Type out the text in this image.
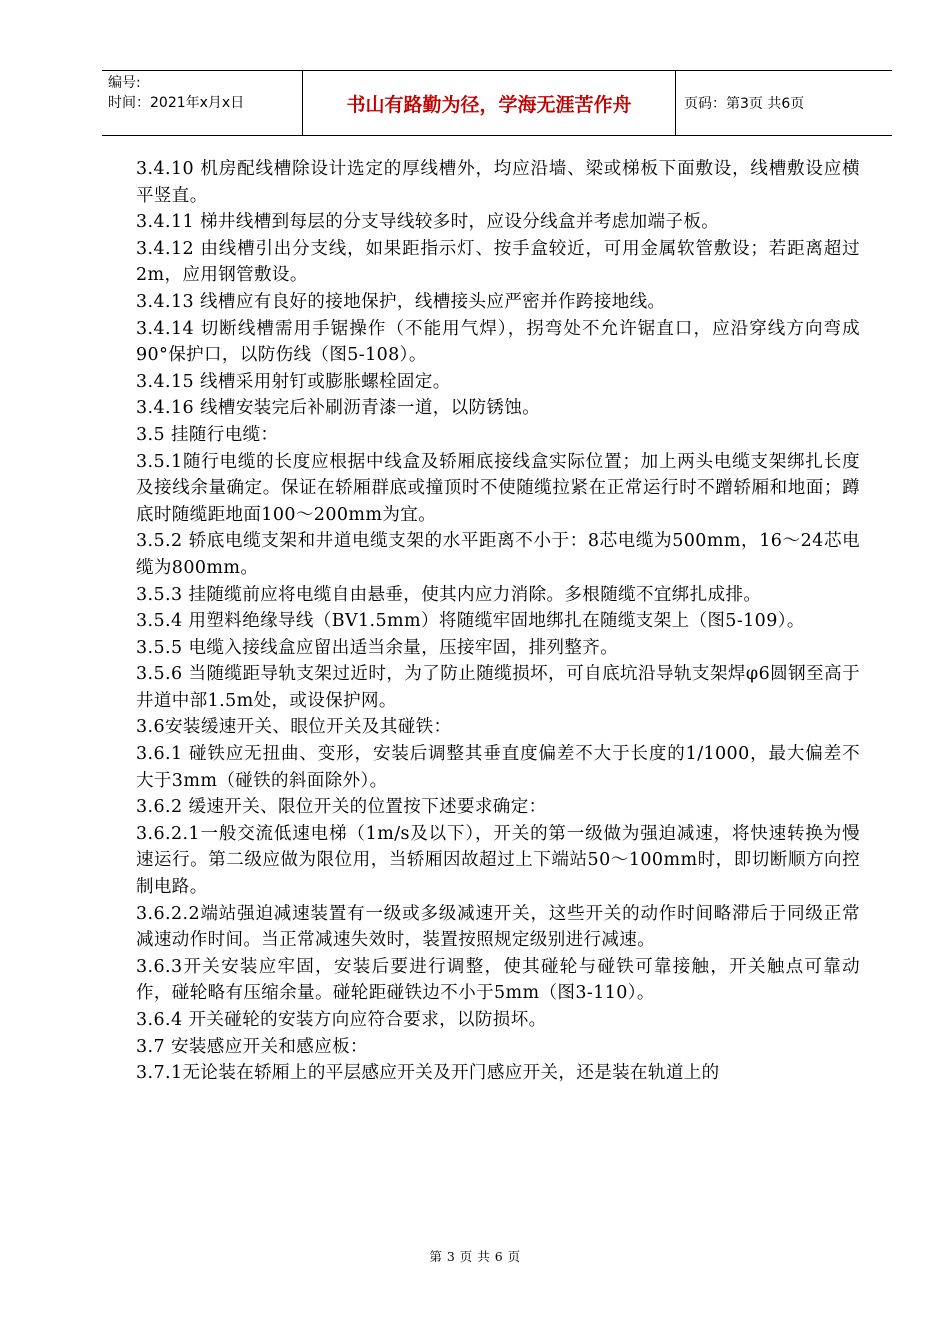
编号:
时间：2021年x月x日	书山有路勤为径，学海无涯苦作舟	页码：第3页 共6页

3.4.10 机房配线槽除设计选定的厚线槽外，均应沿墙、梁或梯板下面敷设，线槽敷设应横平竖直。

3.4.11 梯井线槽到每层的分支导线较多时，应设分线盒并考虑加端子板。

3.4.12 由线槽引出分支线，如果距指示灯、按手盒较近，可用金属软管敷设；若距离超过2m，应用钢管敷设。

3.4.13 线槽应有良好的接地保护，线槽接头应严密并作跨接地线。

3.4.14 切断线槽需用手锯操作（不能用气焊），拐弯处不允许锯直口，应沿穿线方向弯成90°保护口，以防伤线（图5-108）。

3.4.15 线槽采用射钉或膨胀螺栓固定。

3.4.16 线槽安装完后补刷沥青漆一道，以防锈蚀。

3.5 挂随行电缆：

3.5.1随行电缆的长度应根据中线盒及轿厢底接线盒实际位置；加上两头电缆支架绑扎长度及接线余量确定。保证在轿厢群底或撞顶时不使随缆拉紧在正常运行时不蹭轿厢和地面；蹲底时随缆距地面100～200mm为宜。

3.5.2 轿底电缆支架和井道电缆支架的水平距离不小于：8芯电缆为500mm，16～24芯电缆为800mm。

3.5.3 挂随缆前应将电缆自由悬垂，使其内应力消除。多根随缆不宜绑扎成排。

3.5.4 用塑料绝缘导线（BV1.5mm）将随缆牢固地绑扎在随缆支架上（图5-109）。

3.5.5 电缆入接线盒应留出适当余量，压接牢固，排列整齐。

3.5.6 当随缆距导轨支架过近时，为了防止随缆损坏，可自底坑沿导轨支架焊φ6圆钢至高于井道中部1.5m处，或设保护网。

3.6安装缓速开关、眼位开关及其碰铁：

3.6.1 碰铁应无扭曲、变形，安装后调整其垂直度偏差不大于长度的1/1000，最大偏差不大于3mm（碰铁的斜面除外）。

3.6.2 缓速开关、限位开关的位置按下述要求确定：

3.6.2.1一般交流低速电梯（1m/s及以下），开关的第一级做为强迫减速，将快速转换为慢速运行。第二级应做为限位用，当轿厢因故超过上下端站50～100mm时，即切断顺方向控制电路。

3.6.2.2端站强迫减速装置有一级或多级减速开关，这些开关的动作时间略滞后于同级正常减速动作时间。当正常减速失效时，装置按照规定级别进行减速。

3.6.3开关安装应牢固，安装后要进行调整，使其碰轮与碰铁可靠接触，开关触点可靠动作，碰轮略有压缩余量。碰轮距碰铁边不小于5mm（图3-110）。

3.6.4 开关碰轮的安装方向应符合要求，以防损坏。

3.7 安装感应开关和感应板：

3.7.1无论装在轿厢上的平层感应开关及开门感应开关，还是装在轨道上的

第 3 页 共 6 页
